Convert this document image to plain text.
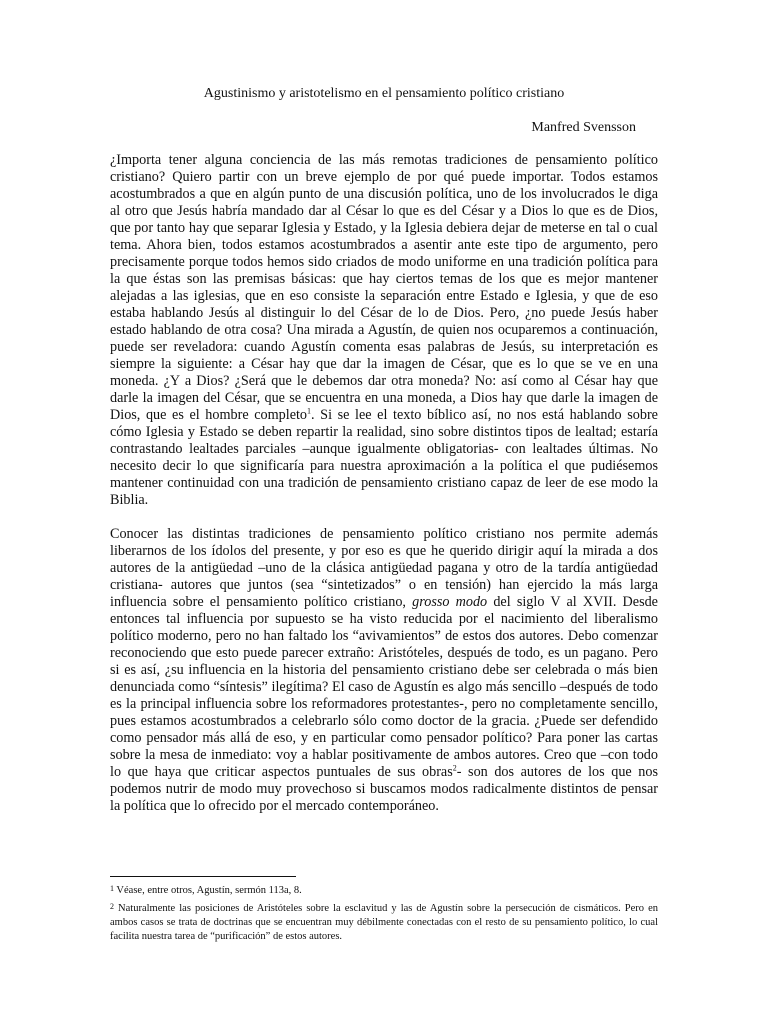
Agustinismo y aristotelismo en el pensamiento político cristiano

Manfred Svensson

¿Importa tener alguna conciencia de las más remotas tradiciones de pensamiento político cristiano? Quiero partir con un breve ejemplo de por qué puede importar. Todos estamos acostumbrados a que en algún punto de una discusión política, uno de los involucrados le diga al otro que Jesús habría mandado dar al César lo que es del César y a Dios lo que es de Dios, que por tanto hay que separar Iglesia y Estado, y la Iglesia debiera dejar de meterse en tal o cual tema. Ahora bien, todos estamos acostumbrados a asentir ante este tipo de argumento, pero precisamente porque todos hemos sido criados de modo uniforme en una tradición política para la que éstas son las premisas básicas: que hay ciertos temas de los que es mejor mantener alejadas a las iglesias, que en eso consiste la separación entre Estado e Iglesia, y que de eso estaba hablando Jesús al distinguir lo del César de lo de Dios. Pero, ¿no puede Jesús haber estado hablando de otra cosa? Una mirada a Agustín, de quien nos ocuparemos a continuación, puede ser reveladora: cuando Agustín comenta esas palabras de Jesús, su interpretación es siempre la siguiente: a César hay que dar la imagen de César, que es lo que se ve en una moneda. ¿Y a Dios? ¿Será que le debemos dar otra moneda? No: así como al César hay que darle la imagen del César, que se encuentra en una moneda, a Dios hay que darle la imagen de Dios, que es el hombre completo$^1$. Si se lee el texto bíblico así, no nos está hablando sobre cómo Iglesia y Estado se deben repartir la realidad, sino sobre distintos tipos de lealtad; estaría contrastando lealtades parciales –aunque igualmente obligatorias- con lealtades últimas. No necesito decir lo que significaría para nuestra aproximación a la política el que pudiésemos mantener continuidad con una tradición de pensamiento cristiano capaz de leer de ese modo la Biblia.

Conocer las distintas tradiciones de pensamiento político cristiano nos permite además liberarnos de los ídolos del presente, y por eso es que he querido dirigir aquí la mirada a dos autores de la antigüedad –uno de la clásica antigüedad pagana y otro de la tardía antigüedad cristiana- autores que juntos (sea “sintetizados” o en tensión) han ejercido la más larga influencia sobre el pensamiento político cristiano, grosso modo del siglo V al XVII. Desde entonces tal influencia por supuesto se ha visto reducida por el nacimiento del liberalismo político moderno, pero no han faltado los “avivamientos” de estos dos autores. Debo comenzar reconociendo que esto puede parecer extraño: Aristóteles, después de todo, es un pagano. Pero si es así, ¿su influencia en la historia del pensamiento cristiano debe ser celebrada o más bien denunciada como “síntesis” ilegítima? El caso de Agustín es algo más sencillo –después de todo es la principal influencia sobre los reformadores protestantes-, pero no completamente sencillo, pues estamos acostumbrados a celebrarlo sólo como doctor de la gracia. ¿Puede ser defendido como pensador más allá de eso, y en particular como pensador político? Para poner las cartas sobre la mesa de inmediato: voy a hablar positivamente de ambos autores. Creo que –con todo lo que haya que criticar aspectos puntuales de sus obras$^2$- son dos autores de los que nos podemos nutrir de modo muy provechoso si buscamos modos radicalmente distintos de pensar la política que lo ofrecido por el mercado contemporáneo.

1 Véase, entre otros, Agustín, sermón 113a, 8.

2 Naturalmente las posiciones de Aristóteles sobre la esclavitud y las de Agustín sobre la persecución de cismáticos. Pero en ambos casos se trata de doctrinas que se encuentran muy débilmente conectadas con el resto de su pensamiento político, lo cual facilita nuestra tarea de “purificación” de estos autores.
